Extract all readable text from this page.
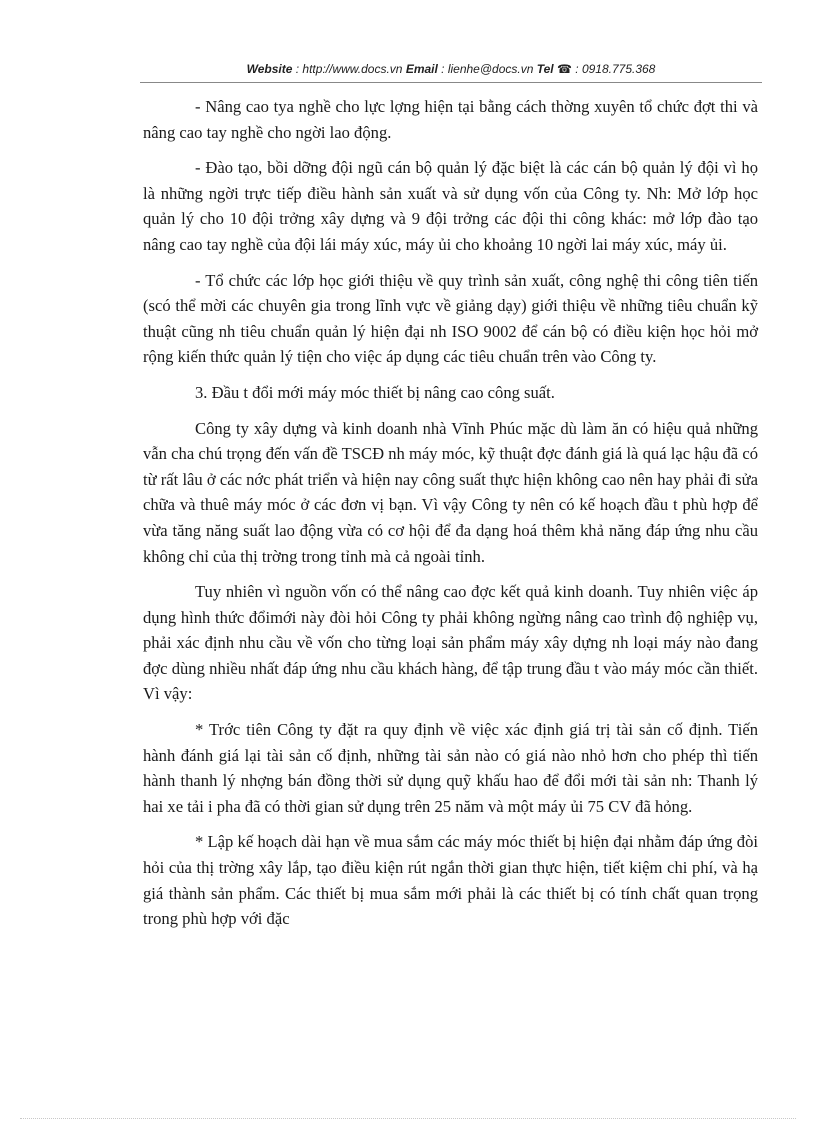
Website : http://www.docs.vn Email : lienhe@docs.vn Tel ☎ : 0918.775.368

- Nâng cao tya nghề cho lực lợng hiện tại bằng cách thờng xuyên tổ chức đợt thi và nâng cao tay nghề cho ngời lao động.

- Đào tạo, bồi dỡng đội ngũ cán bộ quản lý đặc biệt là các cán bộ quản lý đội vì họ là những ngời trực tiếp điều hành sản xuất và sử dụng vốn của Công ty. Nh: Mở lớp học quản lý cho 10 đội trởng xây dựng và 9 đội trởng các đội thi công khác: mở lớp đào tạo nâng cao tay nghề của đội lái máy xúc, máy ủi cho khoảng 10 ngời lai máy xúc, máy ủi.

- Tổ chức các lớp học giới thiệu về quy trình sản xuất, công nghệ thi công tiên tiến (scó thể mời các chuyên gia trong lĩnh vực về giảng dạy) giới thiệu về những tiêu chuẩn kỹ thuật cũng nh tiêu chuẩn quản lý hiện đại nh ISO 9002 để cán bộ có điều kiện học hỏi mở rộng kiến thức quản lý tiện cho việc áp dụng các tiêu chuẩn trên vào Công ty.

3. Đầu t đổi mới máy móc thiết bị nâng cao công suất.

Công ty xây dựng và kinh doanh nhà Vĩnh Phúc mặc dù làm ăn có hiệu quả những vẫn cha chú trọng đến vấn đề TSCĐ nh máy móc, kỹ thuật đợc đánh giá là quá lạc hậu đã có từ rất lâu ở các nớc phát triển và hiện nay công suất thực hiện không cao nên hay phải đi sửa chữa và thuê máy móc ở các đơn vị bạn. Vì vậy Công ty nên có kế hoạch đầu t phù hợp để vừa tăng năng suất lao động vừa có cơ hội để đa dạng hoá thêm khả năng đáp ứng nhu cầu không chỉ của thị trờng trong tỉnh mà cả ngoài tỉnh.

Tuy nhiên vì nguồn vốn có thể nâng cao đợc kết quả kinh doanh. Tuy nhiên việc áp dụng hình thức đổimới này đòi hỏi Công ty phải không ngừng nâng cao trình độ nghiệp vụ, phải xác định nhu cầu về vốn cho từng loại sản phẩm máy xây dựng nh loại máy nào đang đợc dùng nhiều nhất đáp ứng nhu cầu khách hàng, để tập trung đầu t vào máy móc cần thiết. Vì vậy:

* Trớc tiên Công ty đặt ra quy định về việc xác định giá trị tài sản cố định. Tiến hành đánh giá lại tài sản cố định, những tài sản nào có giá nào nhỏ hơn cho phép thì tiến hành thanh lý nhợng bán đồng thời sử dụng quỹ khấu hao để đổi mới tài sản nh: Thanh lý hai xe tải i pha đã có thời gian sử dụng trên 25 năm và một máy ủi 75 CV đã hỏng.

* Lập kế hoạch dài hạn về mua sắm các máy móc thiết bị hiện đại nhằm đáp ứng đòi hỏi của thị trờng xây lắp, tạo điều kiện rút ngắn thời gian thực hiện, tiết kiệm chi phí, và hạ giá thành sản phẩm. Các thiết bị mua sắm mới phải là các thiết bị có tính chất quan trọng trong phù hợp với đặc
